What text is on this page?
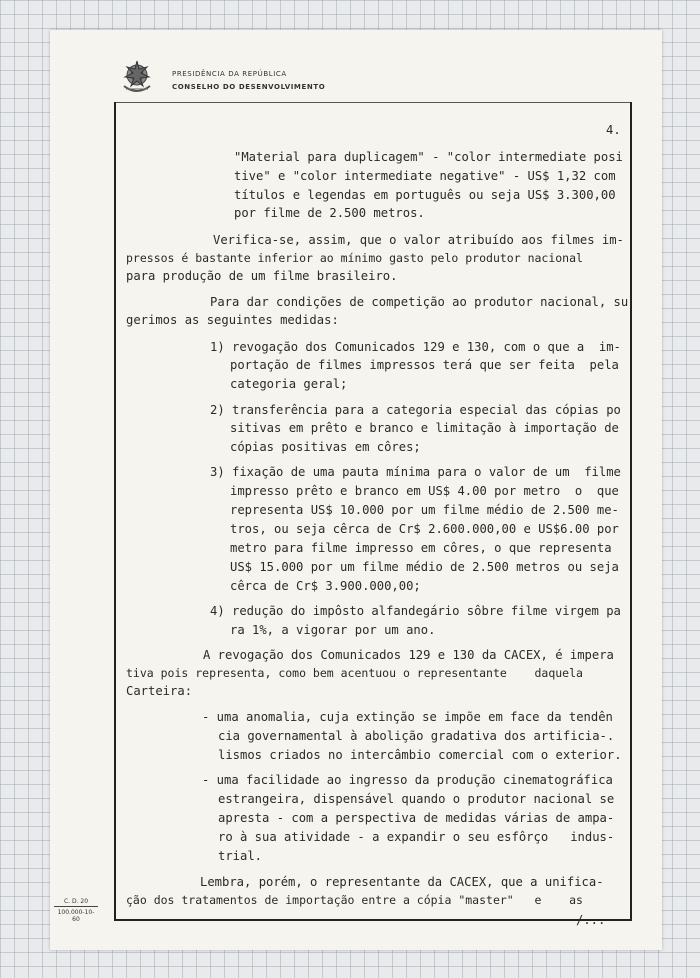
PRESIDÊNCIA DA REPÚBLICA
CONSELHO DO DESENVOLVIMENTO
4.
"Material para duplicagem" - "color intermediate posi
tive" e "color intermediate negative" - US$ 1,32 com
títulos e legendas em português ou seja US$ 3.300,00
por filme de 2.500 metros.
Verifica-se, assim, que o valor atribuído aos filmes im-
pressos é bastante inferior ao mínimo gasto pelo produtor nacional
para produção de um filme brasileiro.
Para dar condições de competição ao produtor nacional, su
gerimos as seguintes medidas:
1) revogação dos Comunicados 129 e 130, com o que a  im-
portação de filmes impressos terá que ser feita  pela
categoria geral;
2) transferência para a categoria especial das cópias po
sitivas em prêto e branco e limitação à importação de
cópias positivas em côres;
3) fixação de uma pauta mínima para o valor de um  filme
impresso prêto e branco em US$ 4.00 por metro  o  que
representa US$ 10.000 por um filme médio de 2.500 me-
tros, ou seja cêrca de Cr$ 2.600.000,00 e US$6.00 por
metro para filme impresso em côres, o que representa
US$ 15.000 por um filme médio de 2.500 metros ou seja
cêrca de Cr$ 3.900.000,00;
4) redução do impôsto alfandegário sôbre filme virgem pa
ra 1%, a vigorar por um ano.
A revogação dos Comunicados 129 e 130 da CACEX, é impera
tiva pois representa, como bem acentuou o representante    daquela
Carteira:
- uma anomalia, cuja extinção se impõe em face da tendên
cia governamental à abolição gradativa dos artificia-.
lismos criados no intercâmbio comercial com o exterior.
- uma facilidade ao ingresso da produção cinematográfica
estrangeira, dispensável quando o produtor nacional se
apresta - com a perspectiva de medidas várias de ampa-
ro à sua atividade - a expandir o seu esfôrço   indus-
trial.
Lembra, porém, o representante da CACEX, que a unifica-
ção dos tratamentos de importação entre a cópia "master"   e    as
/...
C. D. 20
100.000-10-60
